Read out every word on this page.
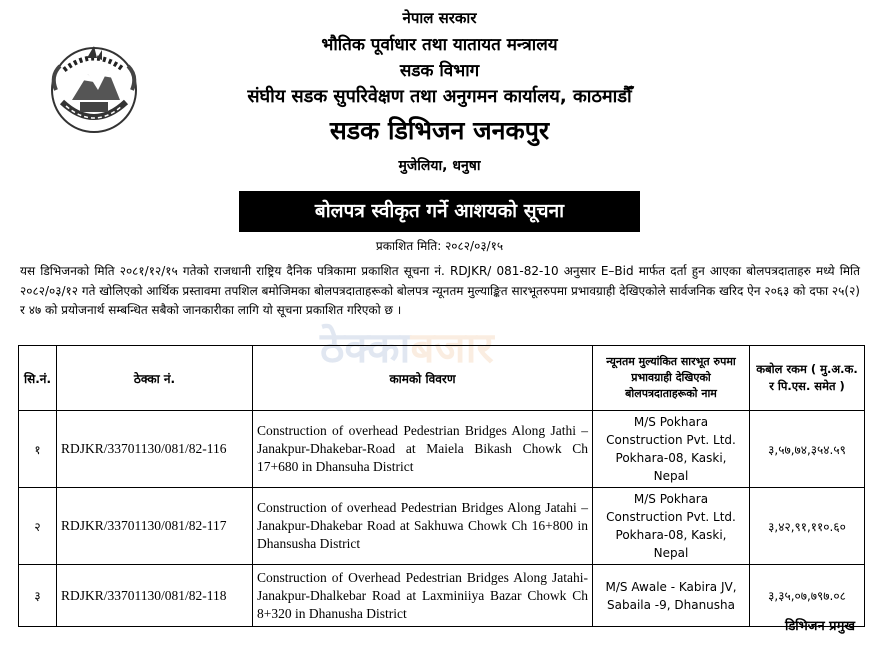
नेपाल सरकार
भौतिक पूर्वाधार तथा यातायत मन्त्रालय
सडक विभाग
संघीय सडक सुपरिवेक्षण तथा अनुगमन कार्यालय, काठमाडौँ
सडक डिभिजन जनकपुर
मुजेलिया, धनुषा
बोलपत्र स्वीकृत गर्ने आशयको सूचना
प्रकाशित मिति: २०८२/०३/१५
यस डिभिजनको मिति २०८१/१२/१५ गतेको राजधानी राष्ट्रिय दैनिक पत्रिकामा प्रकाशित सूचना नं. RDJKR/ 081-82-10 अनुसार E–Bid मार्फत दर्ता हुन आएका बोलपत्रदाताहरु मध्ये मिति २०८२/०३/१२ गते खोलिएको आर्थिक प्रस्तावमा तपशिल बमोजिमका बोलपत्रदाताहरूको बोलपत्र न्यूनतम मुल्याङ्कित सारभूतरुपमा प्रभावग्राही देखिएकोले सार्वजनिक खरिद ऐन २०६३ को दफा २५(२) र ४७ को प्रयोजनार्थ सम्बन्धित सबैको जानकारीका लागि यो सूचना प्रकाशित गरिएको छ ।
ठेक्काबजार
सि.नं.	ठेक्का नं.	कामको विवरण	न्यूनतम मुल्यांकित सारभूत रुपमा प्रभावग्राही देखिएको बोलपत्रदाताहरूको नाम	कबोल रकम ( मु.अ.क. र पि.एस. समेत )
१	RDJKR/33701130/081/82-116	Construction of overhead Pedestrian Bridges Along Jathi –Janakpur-Dhakebar-Road at Maiela Bikash Chowk Ch 17+680 in Dhansuha District	M/S Pokhara
Construction Pvt. Ltd.
Pokhara-08, Kaski, Nepal	३,५७,७४,३५४.५९
२	RDJKR/33701130/081/82-117	Construction of overhead Pedestrian Bridges Along Jatahi –Janakpur-Dhakebar Road at Sakhuwa Chowk Ch 16+800 in Dhansusha District	M/S Pokhara
Construction Pvt. Ltd.
Pokhara-08, Kaski, Nepal	३,४२,९१,११०.६०
३	RDJKR/33701130/081/82-118	Construction of Overhead Pedestrian Bridges Along Jatahi-Janakpur-Dhalkebar Road at Laxminiiya Bazar Chowk Ch 8+320 in Dhanusha District	M/S Awale - Kabira JV,
Sabaila -9, Dhanusha	३,३५,०७,७९७.०८
डिभिजन प्रमुख
